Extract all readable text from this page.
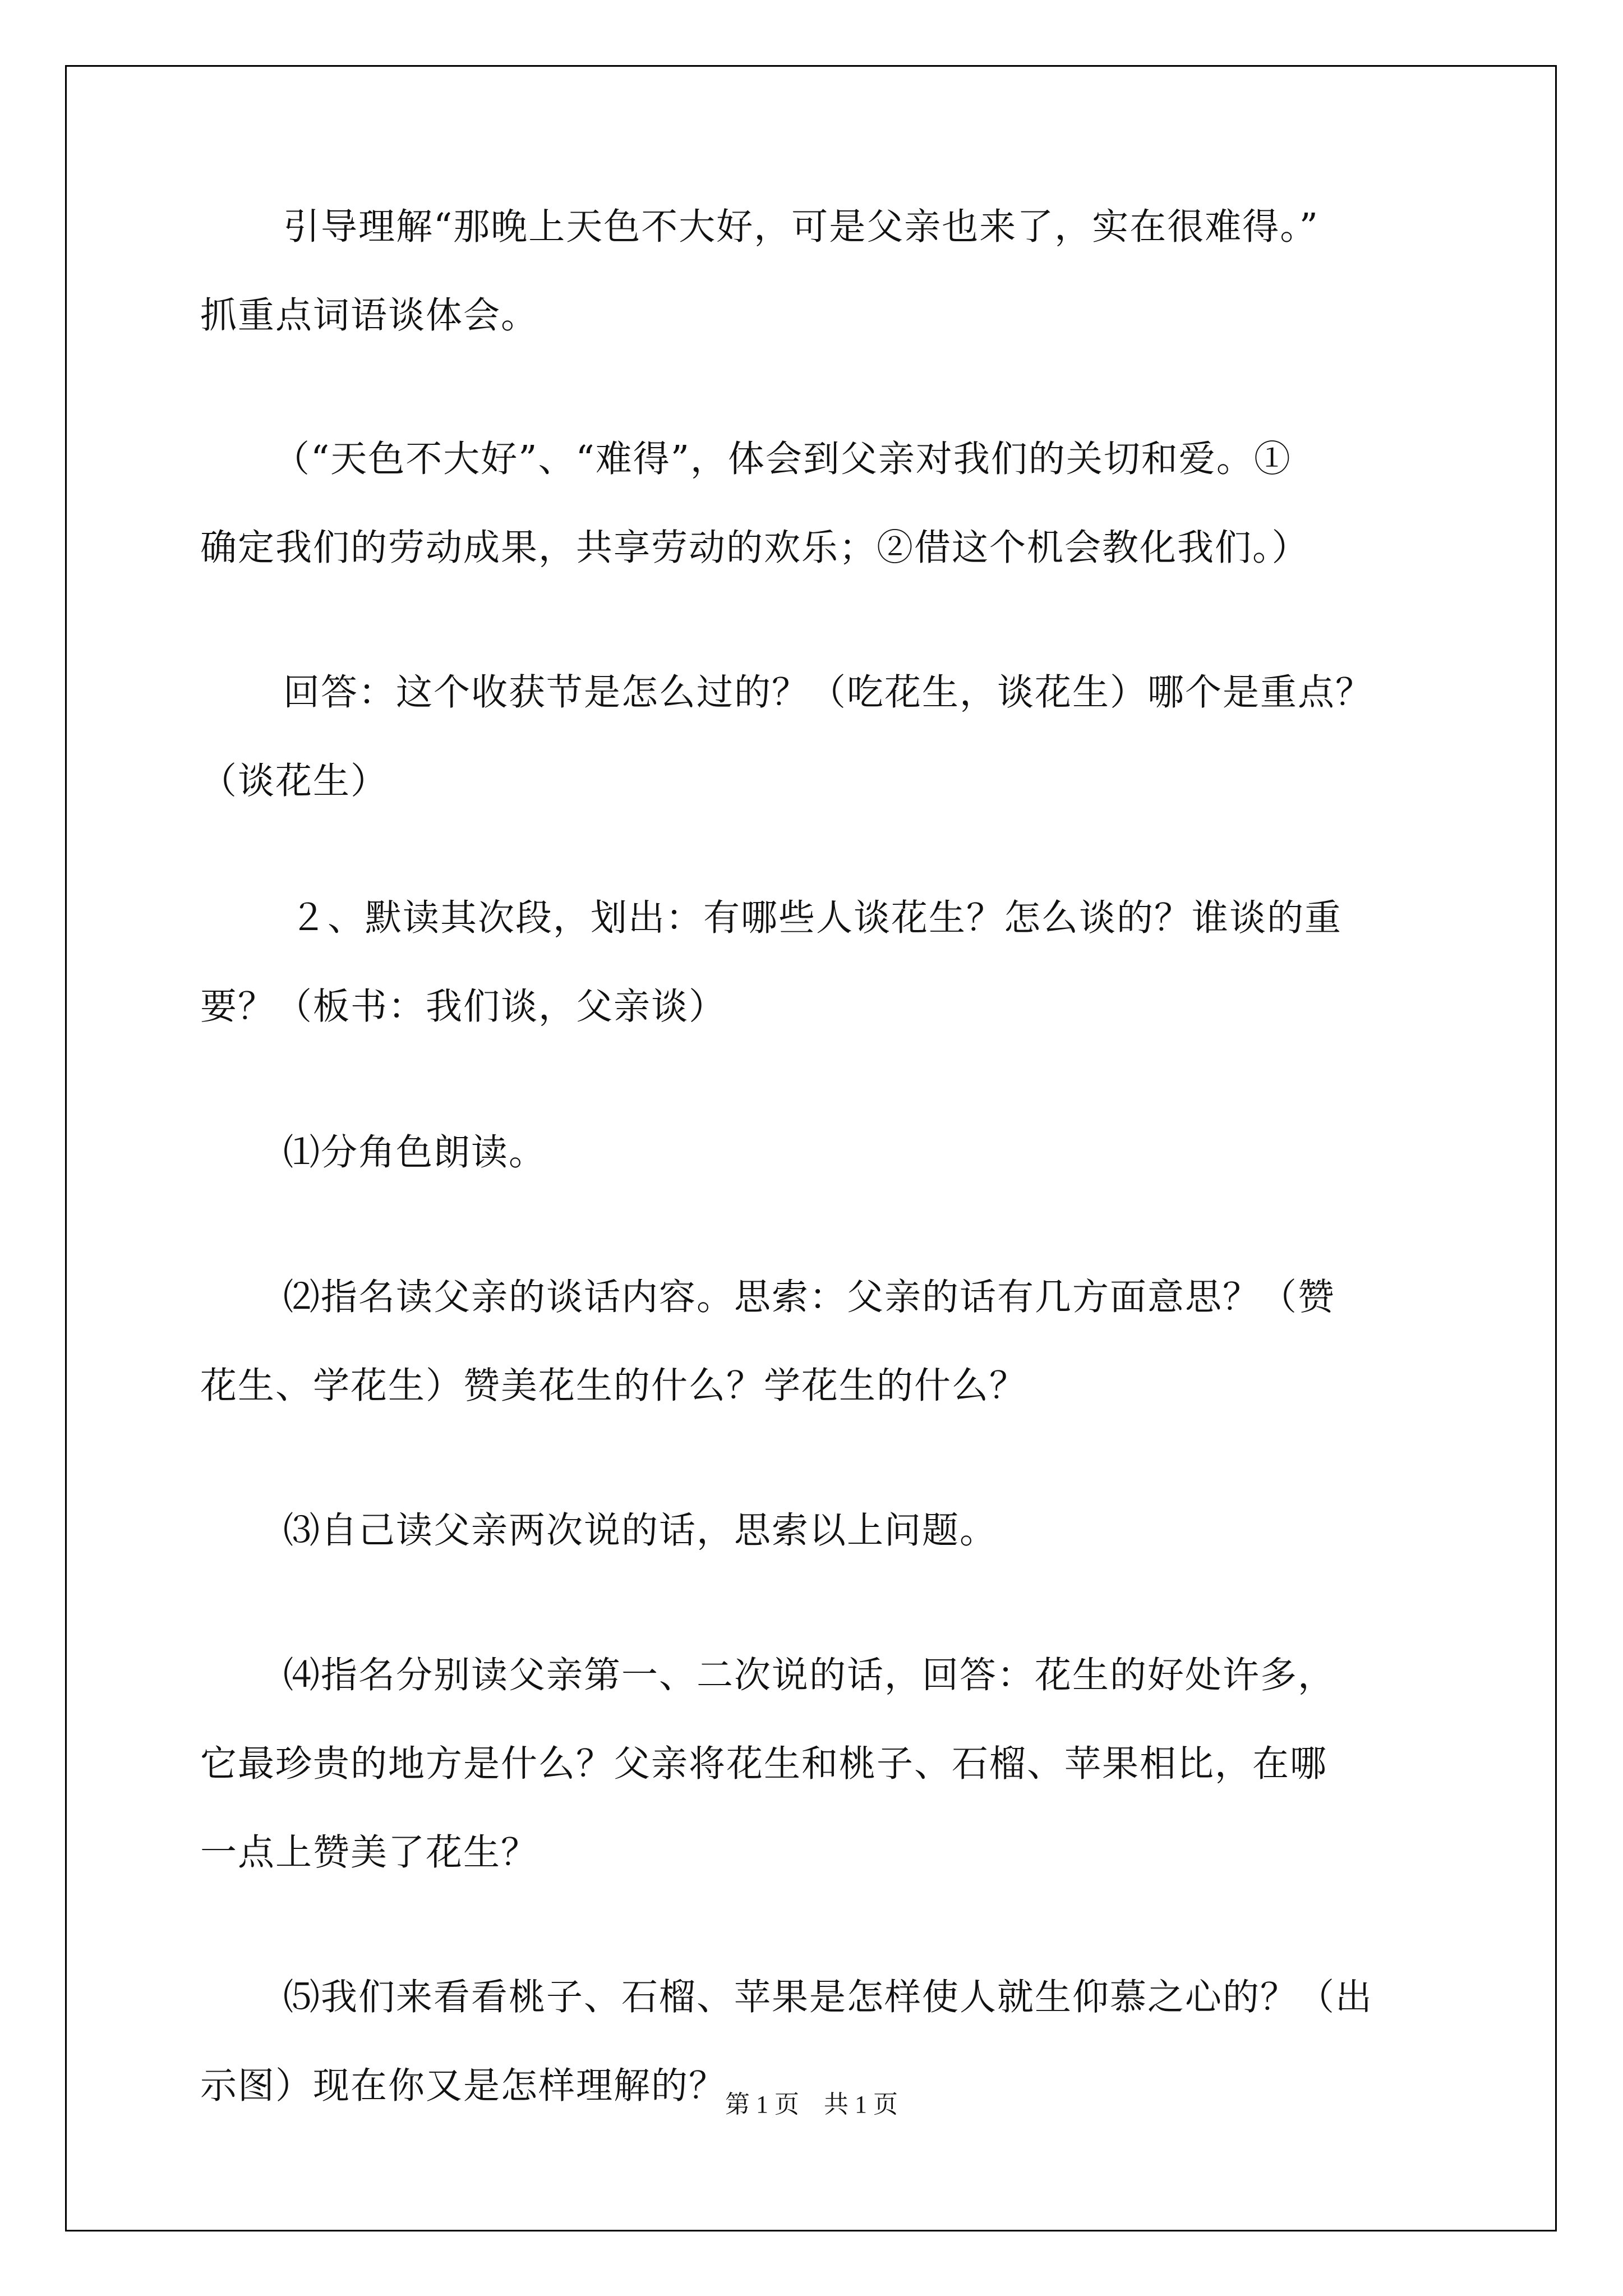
引导理解“那晚上天色不大好，可是父亲也来了，实在很难得。”
抓重点词语谈体会。
（“天色不大好”、“难得”，体会到父亲对我们的关切和爱。①
确定我们的劳动成果，共享劳动的欢乐；②借这个机会教化我们。）
回答：这个收获节是怎么过的？（吃花生，谈花生）哪个是重点？
（谈花生）
２、默读其次段，划出：有哪些人谈花生？怎么谈的？谁谈的重
要？（板书：我们谈，父亲谈）
⑴分角色朗读。
⑵指名读父亲的谈话内容。思索：父亲的话有几方面意思？（赞
花生、学花生）赞美花生的什么？学花生的什么？
⑶自己读父亲两次说的话，思索以上问题。
⑷指名分别读父亲第一、二次说的话，回答：花生的好处许多，
它最珍贵的地方是什么？父亲将花生和桃子、石榴、苹果相比，在哪
一点上赞美了花生？
⑸我们来看看桃子、石榴、苹果是怎样使人就生仰慕之心的？（出
示图）现在你又是怎样理解的？
第 1 页　共 1 页
